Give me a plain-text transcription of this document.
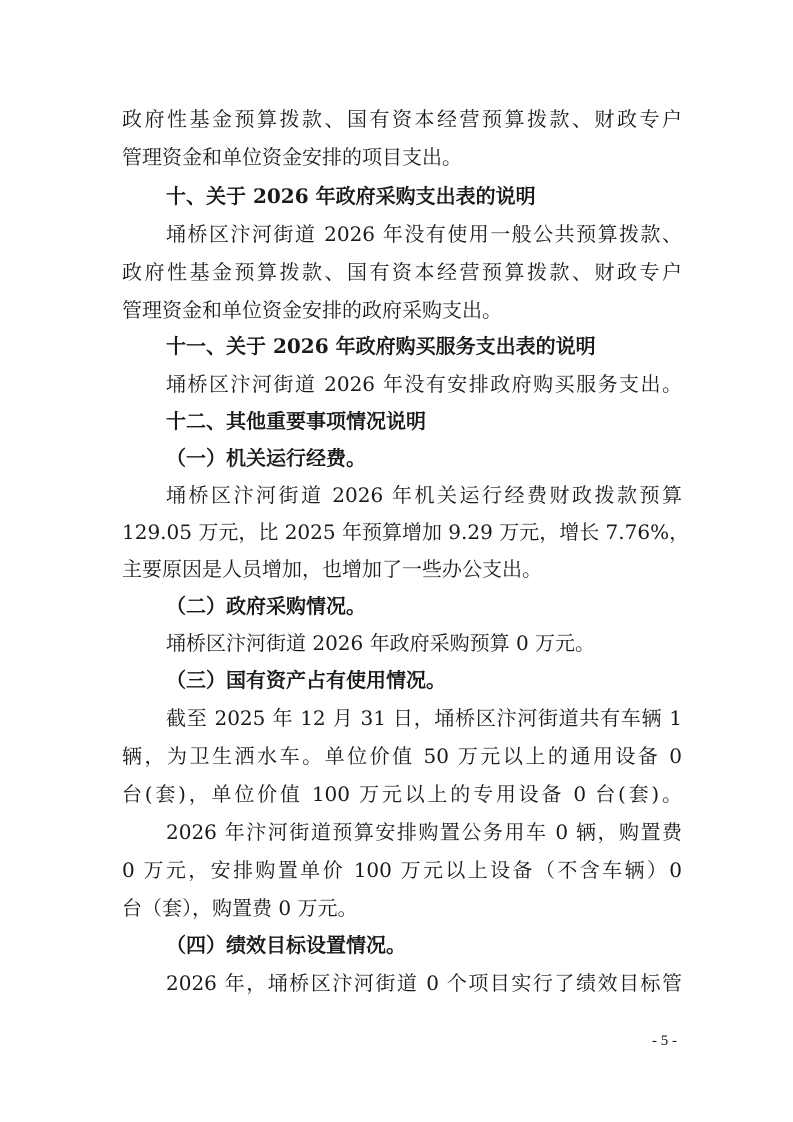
政府性基金预算拨款、国有资本经营预算拨款、财政专户
管理资金和单位资金安排的项目支出。
十、关于 2026 年政府采购支出表的说明
埇桥区汴河街道 2026 年没有使用一般公共预算拨款、
政府性基金预算拨款、国有资本经营预算拨款、财政专户
管理资金和单位资金安排的政府采购支出。
十一、关于 2026 年政府购买服务支出表的说明
埇桥区汴河街道 2026 年没有安排政府购买服务支出。
十二、其他重要事项情况说明
（一）机关运行经费。
埇桥区汴河街道 2026 年机关运行经费财政拨款预算
129.05 万元，比 2025 年预算增加 9.29 万元，增长 7.76%，
主要原因是人员增加，也增加了一些办公支出。
（二）政府采购情况。
埇桥区汴河街道 2026 年政府采购预算 0 万元。
（三）国有资产占有使用情况。
截至 2025 年 12 月 31 日，埇桥区汴河街道共有车辆 1
辆，为卫生洒水车。单位价值 50 万元以上的通用设备 0
台(套)，单位价值 100 万元以上的专用设备 0 台(套)。
2026 年汴河街道预算安排购置公务用车 0 辆，购置费
0 万元，安排购置单价 100 万元以上设备（不含车辆）0
台（套），购置费 0 万元。
（四）绩效目标设置情况。
2026 年，埇桥区汴河街道 0 个项目实行了绩效目标管
- 5 -
